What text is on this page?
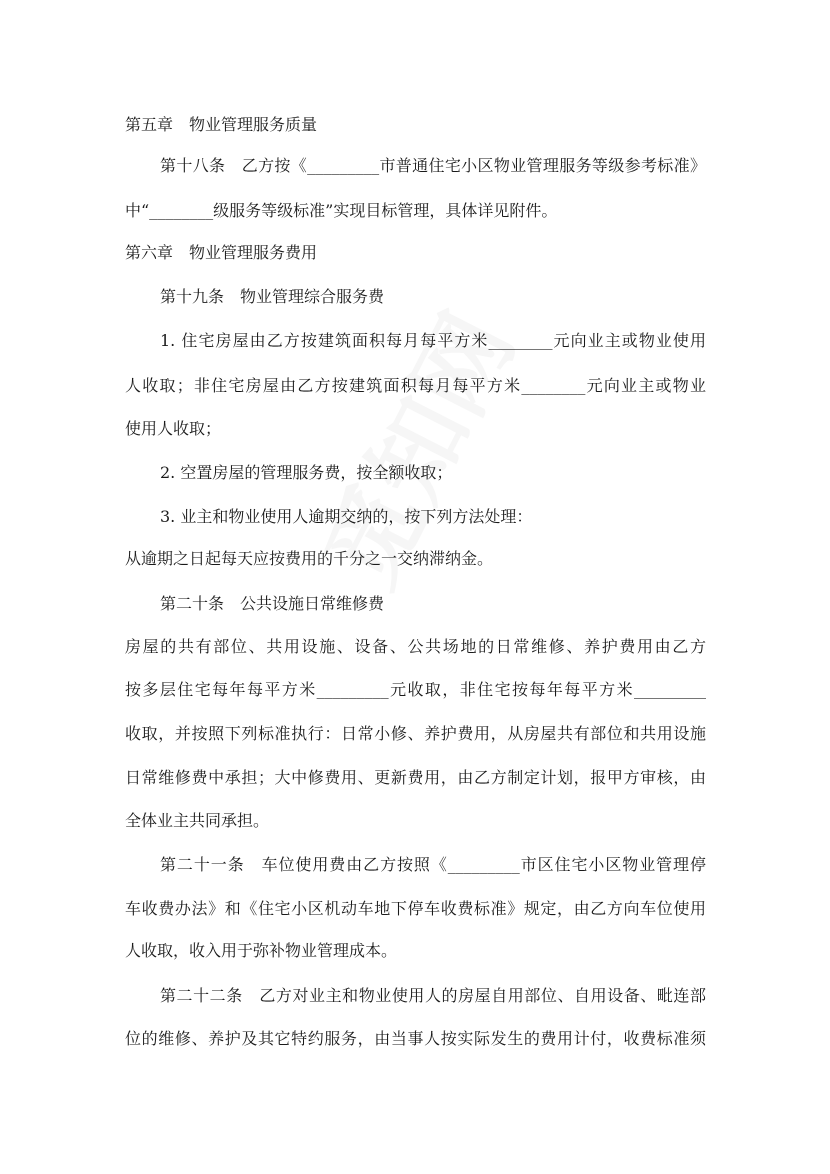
第五章　物业管理服务质量
第十八条　乙方按《_________市普通住宅小区物业管理服务等级参考标准》
中“________级服务等级标准”实现目标管理，具体详见附件。
第六章　物业管理服务费用
第十九条　物业管理综合服务费
1. 住宅房屋由乙方按建筑面积每月每平方米________元向业主或物业使用
人收取；非住宅房屋由乙方按建筑面积每月每平方米________元向业主或物业
使用人收取；
2. 空置房屋的管理服务费，按全额收取；
3. 业主和物业使用人逾期交纳的，按下列方法处理：
从逾期之日起每天应按费用的千分之一交纳滞纳金。
第二十条　公共设施日常维修费
房屋的共有部位、共用设施、设备、公共场地的日常维修、养护费用由乙方
按多层住宅每年每平方米_________元收取，非住宅按每年每平方米_________
收取，并按照下列标准执行：日常小修、养护费用，从房屋共有部位和共用设施
日常维修费中承担；大中修费用、更新费用，由乙方制定计划，报甲方审核，由
全体业主共同承担。
第二十一条　车位使用费由乙方按照《_________市区住宅小区物业管理停
车收费办法》和《住宅小区机动车地下停车收费标准》规定，由乙方向车位使用
人收取，收入用于弥补物业管理成本。
第二十二条　乙方对业主和物业使用人的房屋自用部位、自用设备、毗连部
位的维修、养护及其它特约服务，由当事人按实际发生的费用计付，收费标准须
